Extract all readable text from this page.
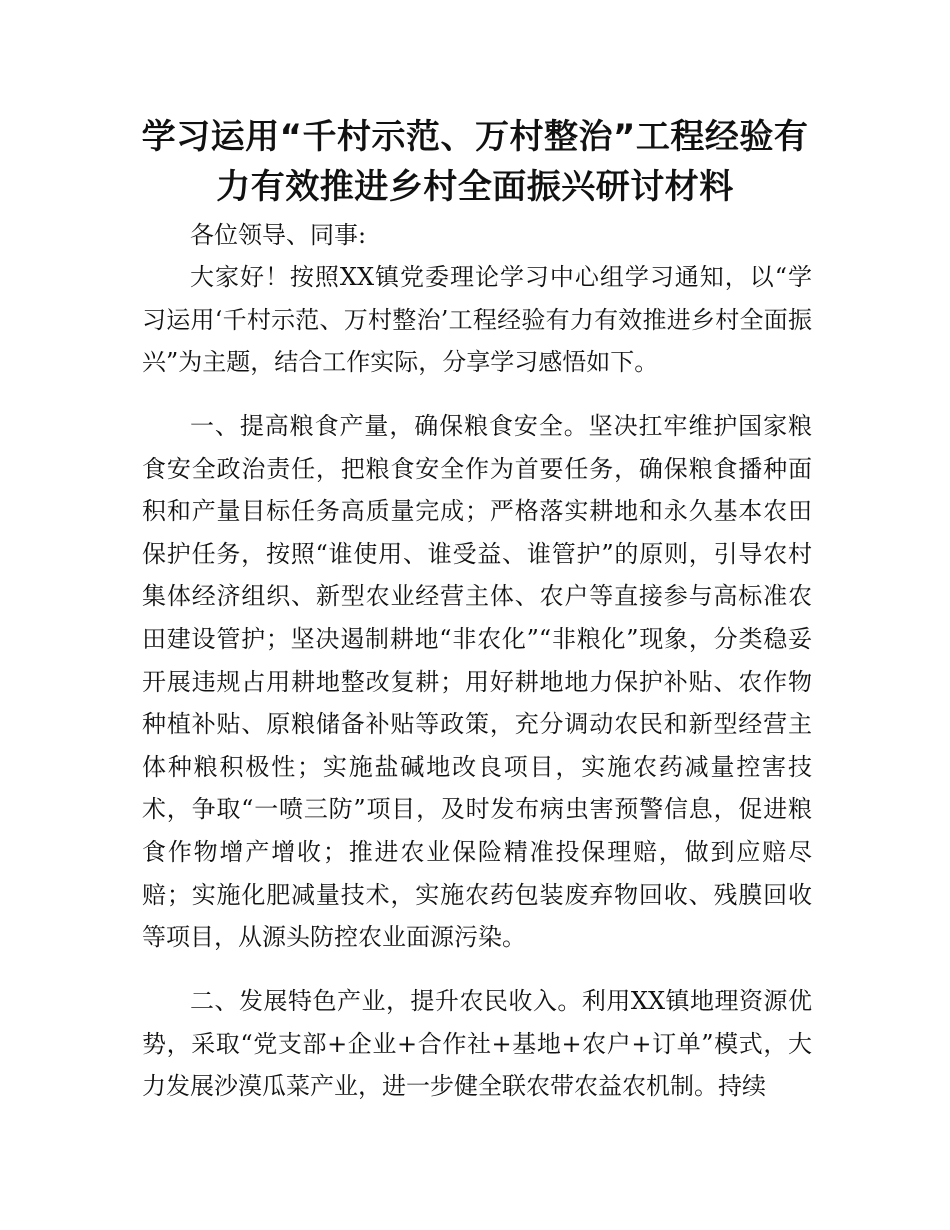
学习运用“千村示范、万村整治”工程经验有
力有效推进乡村全面振兴研讨材料

各位领导、同事:

大家好！按照XX镇党委理论学习中心组学习通知，以“学习运用‘千村示范、万村整治’工程经验有力有效推进乡村全面振兴”为主题，结合工作实际，分享学习感悟如下。

一、提高粮食产量，确保粮食安全。坚决扛牢维护国家粮食安全政治责任，把粮食安全作为首要任务，确保粮食播种面积和产量目标任务高质量完成；严格落实耕地和永久基本农田保护任务，按照“谁使用、谁受益、谁管护”的原则，引导农村集体经济组织、新型农业经营主体、农户等直接参与高标准农田建设管护；坚决遏制耕地“非农化”“非粮化”现象，分类稳妥开展违规占用耕地整改复耕；用好耕地地力保护补贴、农作物种植补贴、原粮储备补贴等政策，充分调动农民和新型经营主体种粮积极性；实施盐碱地改良项目，实施农药减量控害技术，争取“一喷三防”项目，及时发布病虫害预警信息，促进粮食作物增产增收；推进农业保险精准投保理赔，做到应赔尽赔；实施化肥减量技术，实施农药包装废弃物回收、残膜回收等项目，从源头防控农业面源污染。

二、发展特色产业，提升农民收入。利用XX镇地理资源优势，采取“党支部+企业+合作社+基地+农户+订单”模式，大力发展沙漠瓜菜产业，进一步健全联农带农益农机制。持续
